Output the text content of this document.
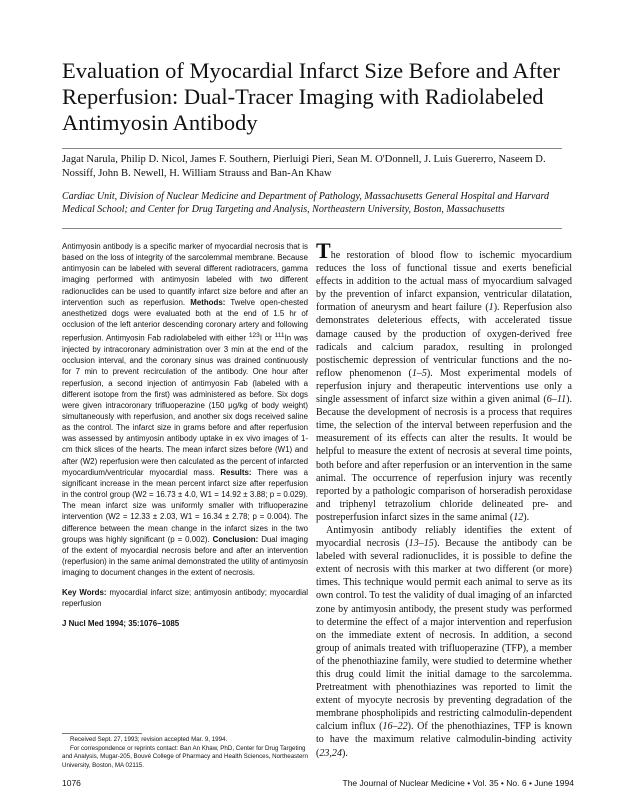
Evaluation of Myocardial Infarct Size Before and After Reperfusion: Dual-Tracer Imaging with Radiolabeled Antimyosin Antibody
Jagat Narula, Philip D. Nicol, James F. Southern, Pierluigi Pieri, Sean M. O'Donnell, J. Luis Guererro, Naseem D. Nossiff, John B. Newell, H. William Strauss and Ban-An Khaw
Cardiac Unit, Division of Nuclear Medicine and Department of Pathology, Massachusetts General Hospital and Harvard Medical School; and Center for Drug Targeting and Analysis, Northeastern University, Boston, Massachusetts

Antimyosin antibody is a specific marker of myocardial necrosis that is based on the loss of integrity of the sarcolemmal membrane. Because antimyosin can be labeled with several different radiotracers, gamma imaging performed with antimyosin labeled with two different radionuclides can be used to quantify infarct size before and after an intervention such as reperfusion. Methods: Twelve open-chested anesthetized dogs were evaluated both at the end of 1.5 hr of occlusion of the left anterior descending coronary artery and following reperfusion. Antimyosin Fab radiolabeled with either $^{123}$I or $^{111}$In was injected by intracoronary administration over 3 min at the end of the occlusion interval, and the coronary sinus was drained continuously for 7 min to prevent recirculation of the antibody. One hour after reperfusion, a second injection of antimyosin Fab (labeled with a different isotope from the first) was administered as before. Six dogs were given intracoronary trifluoperazine (150 μg/kg of body weight) simultaneously with reperfusion, and another six dogs received saline as the control. The infarct size in grams before and after reperfusion was assessed by antimyosin antibody uptake in ex vivo images of 1-cm thick slices of the hearts. The mean infarct sizes before (W1) and after (W2) reperfusion were then calculated as the percent of infarcted myocardium/ventricular myocardial mass. Results: There was a significant increase in the mean percent infarct size after reperfusion in the control group (W2 = 16.73 ± 4.0, W1 = 14.92 ± 3.88; p = 0.029). The mean infarct size was uniformly smaller with trifluoperazine intervention (W2 = 12.33 ± 2.03, W1 = 16.34 ± 2.78; p = 0.004). The difference between the mean change in the infarct sizes in the two groups was highly significant (p = 0.002). Conclusion: Dual imaging of the extent of myocardial necrosis before and after an intervention (reperfusion) in the same animal demonstrated the utility of antimyosin imaging to document changes in the extent of necrosis.

Key Words: myocardial infarct size; antimyosin antibody; myocardial reperfusion

J Nucl Med 1994; 35:1076–1085

Received Sept. 27, 1993; revision accepted Mar. 9, 1994.

For correspondence or reprints contact: Ban An Khaw, PhD, Center for Drug Targeting and Analysis, Mugar-205, Bouvé College of Pharmacy and Health Sciences, Northeastern University, Boston, MA 02115.

The restoration of blood flow to ischemic myocardium reduces the loss of functional tissue and exerts beneficial effects in addition to the actual mass of myocardium salvaged by the prevention of infarct expansion, ventricular dilatation, formation of aneurysm and heart failure (1). Reperfusion also demonstrates deleterious effects, with accelerated tissue damage caused by the production of oxygen-derived free radicals and calcium paradox, resulting in prolonged postischemic depression of ventricular functions and the no-reflow phenomenon (1–5). Most experimental models of reperfusion injury and therapeutic interventions use only a single assessment of infarct size within a given animal (6–11). Because the development of necrosis is a process that requires time, the selection of the interval between reperfusion and the measurement of its effects can alter the results. It would be helpful to measure the extent of necrosis at several time points, both before and after reperfusion or an intervention in the same animal. The occurrence of reperfusion injury was recently reported by a pathologic comparison of horseradish peroxidase and triphenyl tetrazolium chloride delineated pre- and postreperfusion infarct sizes in the same animal (12).

Antimyosin antibody reliably identifies the extent of myocardial necrosis (13–15). Because the antibody can be labeled with several radionuclides, it is possible to define the extent of necrosis with this marker at two different (or more) times. This technique would permit each animal to serve as its own control. To test the validity of dual imaging of an infarcted zone by antimyosin antibody, the present study was performed to determine the effect of a major intervention and reperfusion on the immediate extent of necrosis. In addition, a second group of animals treated with trifluoperazine (TFP), a member of the phenothiazine family, were studied to determine whether this drug could limit the initial damage to the sarcolemma. Pretreatment with phenothiazines was reported to limit the extent of myocyte necrosis by preventing degradation of the membrane phospholipids and restricting calmodulin-dependent calcium influx (16–22). Of the phenothiazines, TFP is known to have the maximum relative calmodulin-binding activity (23,24).

1076	The Journal of Nuclear Medicine • Vol. 35 • No. 6 • June 1994
